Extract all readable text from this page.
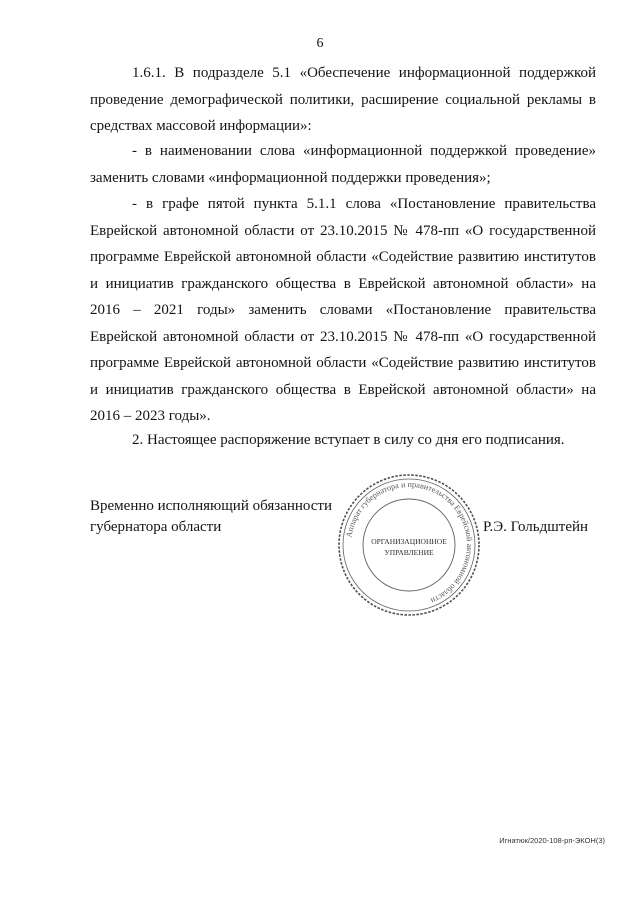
6

1.6.1. В подразделе 5.1 «Обеспечение информационной поддержкой проведение демографической политики, расширение социальной рекламы в средствах массовой информации»:

- в наименовании слова «информационной поддержкой проведение» заменить словами «информационной поддержки проведения»;

- в графе пятой пункта 5.1.1 слова «Постановление правительства Еврейской автономной области от 23.10.2015 № 478-пп «О государственной программе Еврейской автономной области «Содействие развитию институтов и инициатив гражданского общества в Еврейской автономной области» на 2016 – 2021 годы» заменить словами «Постановление правительства Еврейской автономной области от 23.10.2015 № 478-пп «О государственной программе Еврейской автономной области «Содействие развитию институтов и инициатив гражданского общества в Еврейской автономной области» на 2016 – 2023 годы».

2. Настоящее распоряжение вступает в силу со дня его подписания.

Временно исполняющий обязанности
губернатора области	Аппарат губернатора и правительства Еврейской автономной области
ОРГАНИЗАЦИОННОЕ
УПРАВЛЕНИЕ
Р.Э. Гольдштейн
Игнатюк/2020-108-рп-ЭКОН(3)
